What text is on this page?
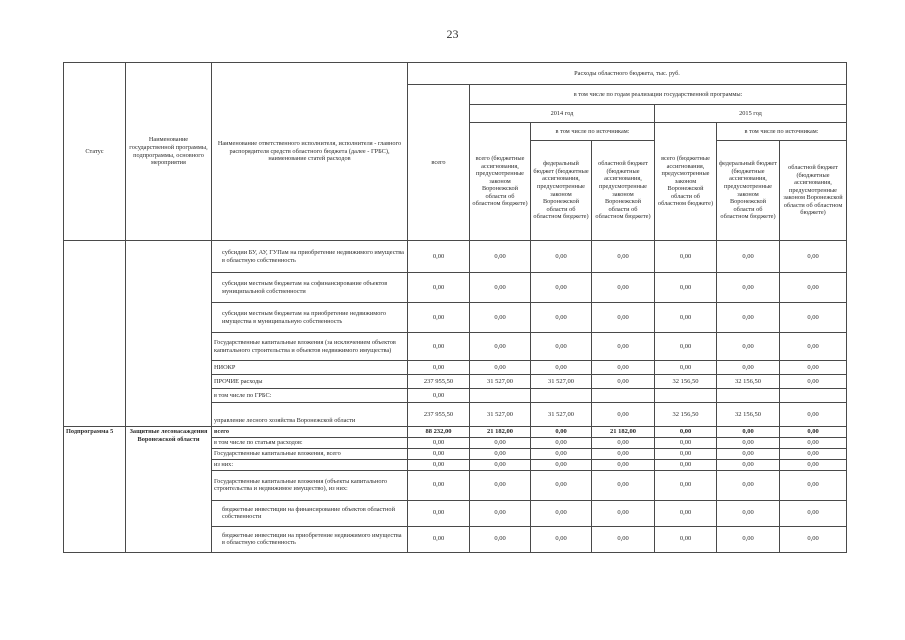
23
Статус	Наименование государственной программы, подпрограммы, основного мероприятия	Наименование ответственного исполнителя, исполнителя - главного распорядителя средств областного бюджета (далее - ГРБС), наименование статей расходов	Расходы областного бюджета, тыс. руб.						
			всего	в том числе по годам реализации государственной программы:					
				2014 год			2015 год		
				всего (бюджетные ассигнования, предусмотренные законом Воронежской области об областном бюджете)	в том числе по источникам:		всего (бюджетные ассигнования, предусмотренные законом Воронежской области об областном бюджете)	в том числе по источникам:	
					федеральный бюджет (бюджетные ассигнования, предусмотренные законом Воронежской области об областном бюджете)	областной бюджет (бюджетные ассигнования, предусмотренные законом Воронежской области об областном бюджете)		федеральный бюджет (бюджетные ассигнования, предусмотренные законом Воронежской области об областном бюджете)	областной бюджет (бюджетные ассигнования, предусмотренные законом Воронежской области об областном бюджете)
		субсидии БУ, АУ, ГУПам на приобретение недвижимого имущества в областную собственность	0,00	0,00	0,00	0,00	0,00	0,00	0,00
		субсидии местным бюджетам на софинансирование объектов муниципальной собственности	0,00	0,00	0,00	0,00	0,00	0,00	0,00
		субсидии местным бюджетам на приобретение недвижимого имущества в муниципальную собственность	0,00	0,00	0,00	0,00	0,00	0,00	0,00
		Государственные капитальные вложения (за исключением объектов капитального строительства и объектов недвижимого имущества)	0,00	0,00	0,00	0,00	0,00	0,00	0,00
		НИОКР	0,00	0,00	0,00	0,00	0,00	0,00	0,00
		ПРОЧИЕ расходы	237 955,50	31 527,00	31 527,00	0,00	32 156,50	32 156,50	0,00
		в том числе по ГРБС:	0,00						
		управление лесного хозяйства Воронежской области	237 955,50	31 527,00	31 527,00	0,00	32 156,50	32 156,50	0,00
Подпрограмма 5	Защитные лесонасаждения Воронежской области	всего	88 232,00	21 182,00	0,00	21 182,00	0,00	0,00	0,00
		в том числе по статьям расходов:	0,00	0,00	0,00	0,00	0,00	0,00	0,00
		Государственные капитальные вложения, всего	0,00	0,00	0,00	0,00	0,00	0,00	0,00
		из них:	0,00	0,00	0,00	0,00	0,00	0,00	0,00
		Государственные капитальные вложения (объекты капитального строительства и недвижимое имущество), из них:	0,00	0,00	0,00	0,00	0,00	0,00	0,00
		бюджетные инвестиции на финансирование объектов областной собственности	0,00	0,00	0,00	0,00	0,00	0,00	0,00
		бюджетные инвестиции на приобретение недвижимого имущества в областную собственность	0,00	0,00	0,00	0,00	0,00	0,00	0,00
